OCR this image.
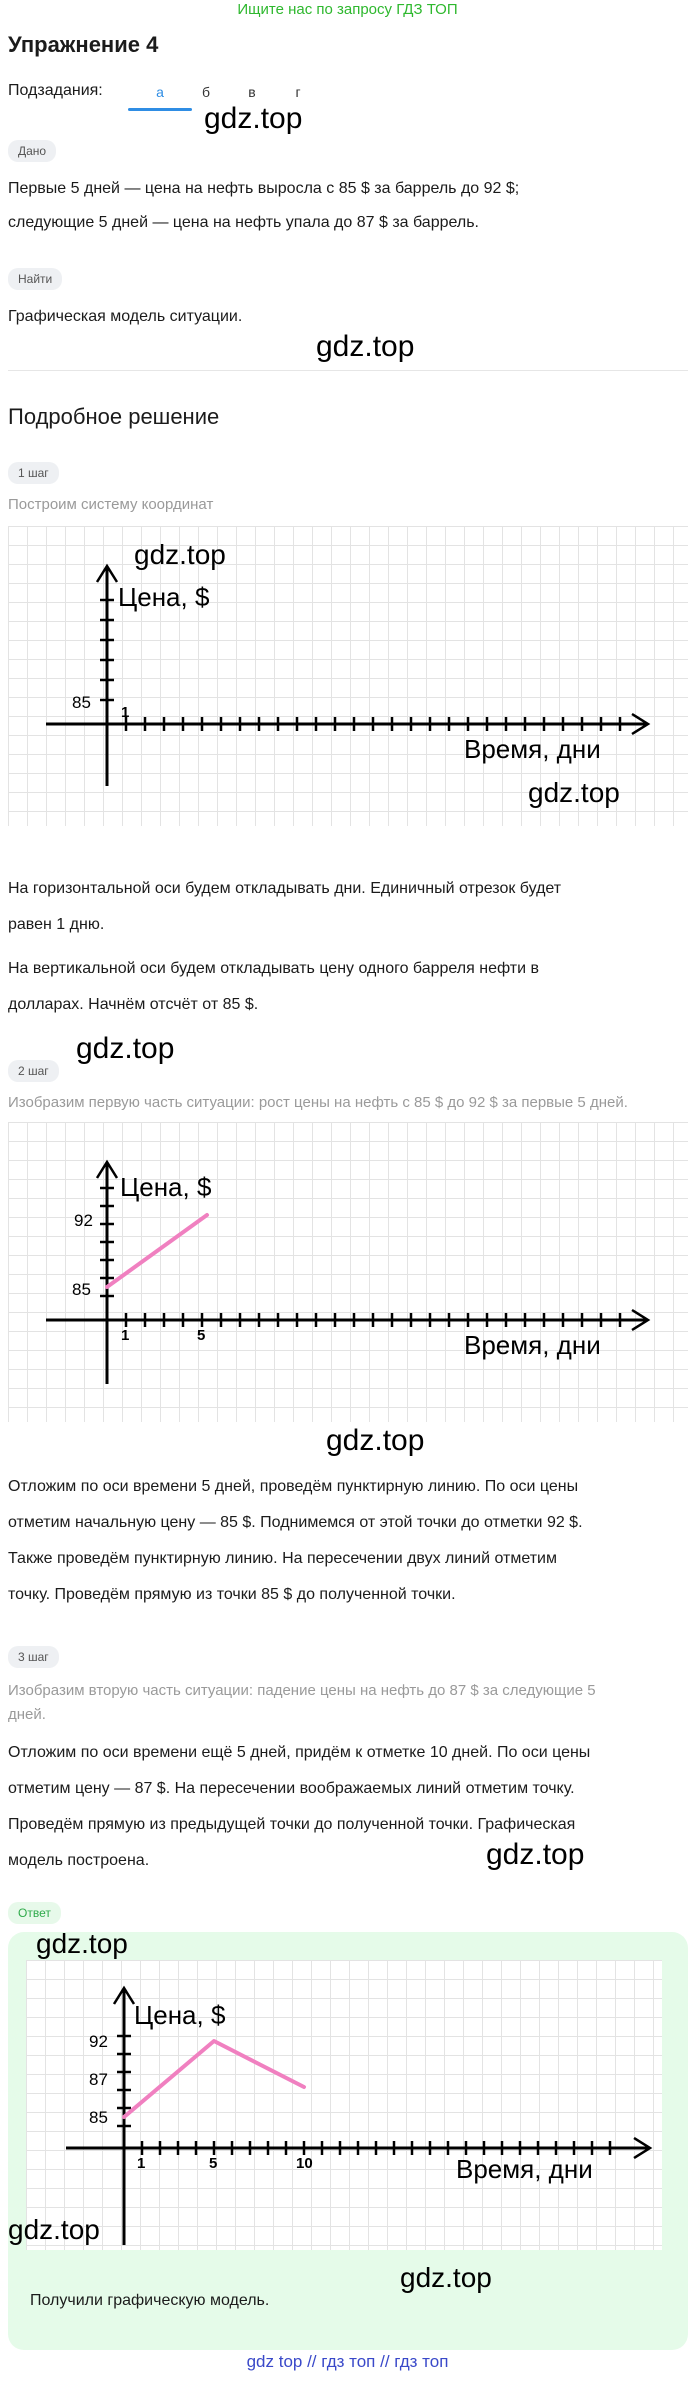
Ищите нас по запросу ГДЗ ТОП
Упражнение 4
Подзадания:	а	б	в	г
gdz.top
Дано
Первые 5 дней — цена на нефть выросла с 85 $ за баррель до 92 $;
следующие 5 дней — цена на нефть упала до 87 $ за баррель.
Найти
Графическая модель ситуации.
gdz.top
Подробное решение
1 шаг
Построим систему координат
Цена, $
85
1
Время, дни
gdz.top
gdz.top
На горизонтальной оси будем откладывать дни. Единичный отрезок будет
равен 1 дню.
На вертикальной оси будем откладывать цену одного барреля нефти в
долларах. Начнём отсчёт от 85 $.
gdz.top
2 шаг
Изобразим первую часть ситуации: рост цены на нефть с 85 $ до 92 $ за первые 5 дней.
Цена, $
92
85
1	5	Время, дни
gdz.top
Отложим по оси времени 5 дней, проведём пунктирную линию. По оси цены
отметим начальную цену — 85 $. Поднимемся от этой точки до отметки 92 $.
Также проведём пунктирную линию. На пересечении двух линий отметим
точку. Проведём прямую из точки 85 $ до полученной точки.
3 шаг
Изобразим вторую часть ситуации: падение цены на нефть до 87 $ за следующие 5
дней.
Отложим по оси времени ещё 5 дней, придём к отметке 10 дней. По оси цены
отметим цену — 87 $. На пересечении воображаемых линий отметим точку.
Проведём прямую из предыдущей точки до полученной точки. Графическая
модель построена.	gdz.top
Ответ
Цена, $
92
87
85
1	5	10	Время, дни
gdz.top
gdz.top
gdz.top
Получили графическую модель.
gdz top // гдз топ // гдз топ
